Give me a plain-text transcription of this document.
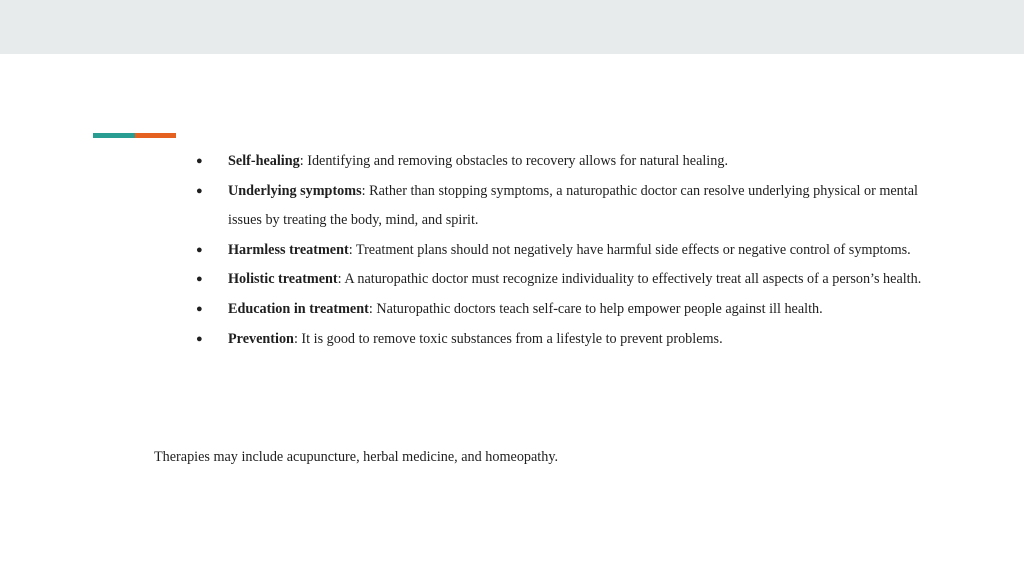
● Self-healing: Identifying and removing obstacles to recovery allows for natural healing.
● Underlying symptoms: Rather than stopping symptoms, a naturopathic doctor can resolve underlying physical or mental issues by treating the body, mind, and spirit.
● Harmless treatment: Treatment plans should not negatively have harmful side effects or negative control of symptoms.
● Holistic treatment: A naturopathic doctor must recognize individuality to effectively treat all aspects of a person’s health.
● Education in treatment: Naturopathic doctors teach self-care to help empower people against ill health.
● Prevention: It is good to remove toxic substances from a lifestyle to prevent problems.

Therapies may include acupuncture, herbal medicine, and homeopathy.
